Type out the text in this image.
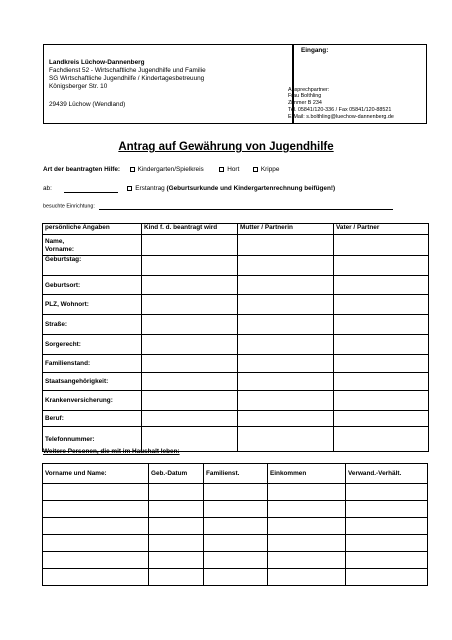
Landkreis Lüchow-Dannenberg
Fachdienst 52 - Wirtschaftliche Jugendhilfe und Familie
SG Wirtschaftliche Jugendhilfe / Kindertagesbetreuung
Königsberger Str. 10
29439 Lüchow (Wendland)
Eingang:
Ansprechpartner:
Frau Bolthling
Zimmer B 234
Tel. 05841/120-336 / Fax 05841/120-88521
E-Mail: s.bolthling@luechow-dannenberg.de
Antrag auf Gewährung von Jugendhilfe
Art der beantragten Hilfe:	Kindergarten/Spielkreis	Hort	Krippe
ab:	Erstantrag (Geburtsurkunde und Kindergartenrechnung beifügen!)
besuchte Einrichtung:
persönliche Angaben	Kind f. d. beantragt wird	Mutter / Partnerin	Vater / Partner
Name,
Vorname:			
Geburtstag:			
Geburtsort:			
PLZ, Wohnort:			
Straße:			
Sorgerecht:			
Familienstand:			
Staatsangehörigkeit:			
Krankenversicherung:			
Beruf:			
Telefonnummer:			
Weitere Personen, die mit im Haushalt leben:
Vorname und Name:	Geb.-Datum	Familienst.	Einkommen	Verwand.-Verhält.
